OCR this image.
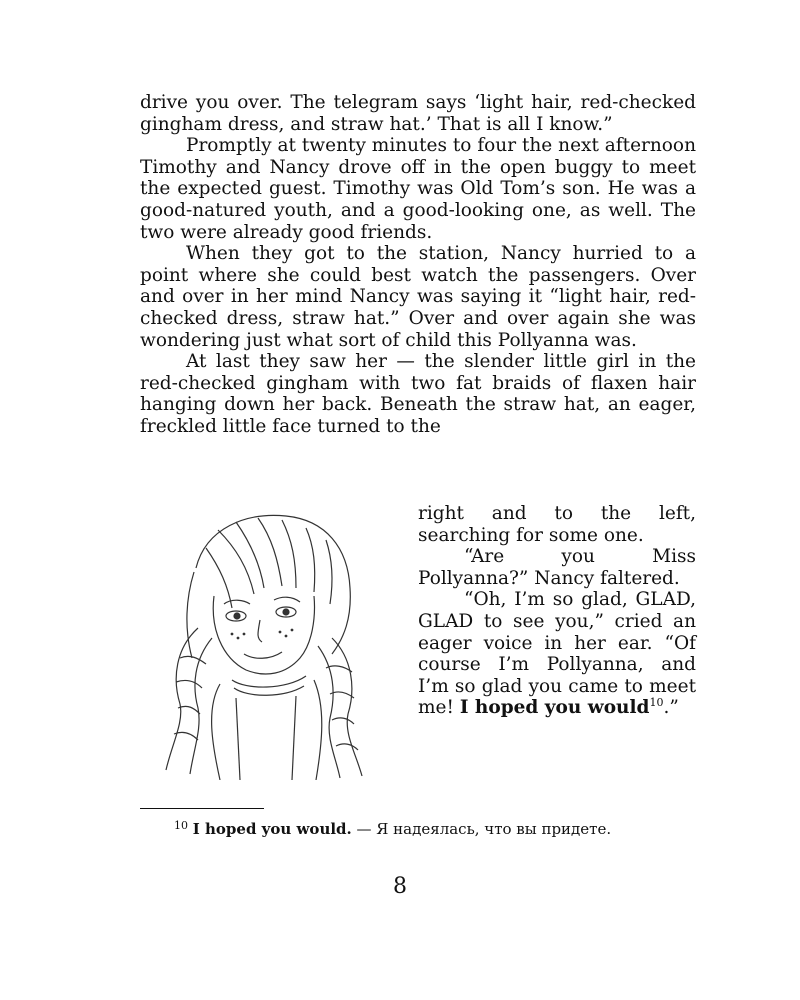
drive you over. The telegram says ‘light hair, red-checked gingham dress, and straw hat.’ That is all I know.”

Promptly at twenty minutes to four the next afternoon Timothy and Nancy drove off in the open buggy to meet the expected guest. Timothy was Old Tom’s son. He was a good-natured youth, and a good-looking one, as well. The two were already good friends.

When they got to the station, Nancy hurried to a point where she could best watch the passengers. Over and over in her mind Nancy was saying it “light hair, red-checked dress, straw hat.” Over and over again she was wondering just what sort of child this Pollyanna was.

At last they saw her — the slender little girl in the red-checked gingham with two fat braids of flaxen hair hanging down her back. Beneath the straw hat, an eager, freckled little face turned to the

right and to the left, searching for some one.

“Are you Miss Pollyanna?” Nancy faltered.

“Oh, I’m so glad, GLAD, GLAD to see you,” cried an eager voice in her ear. “Of course I’m Pollyanna, and I’m so glad you came to meet me! I hoped you would$^{10}$.”

$^{10}$ I hoped you would. — Я надеялась, что вы придете.
8
